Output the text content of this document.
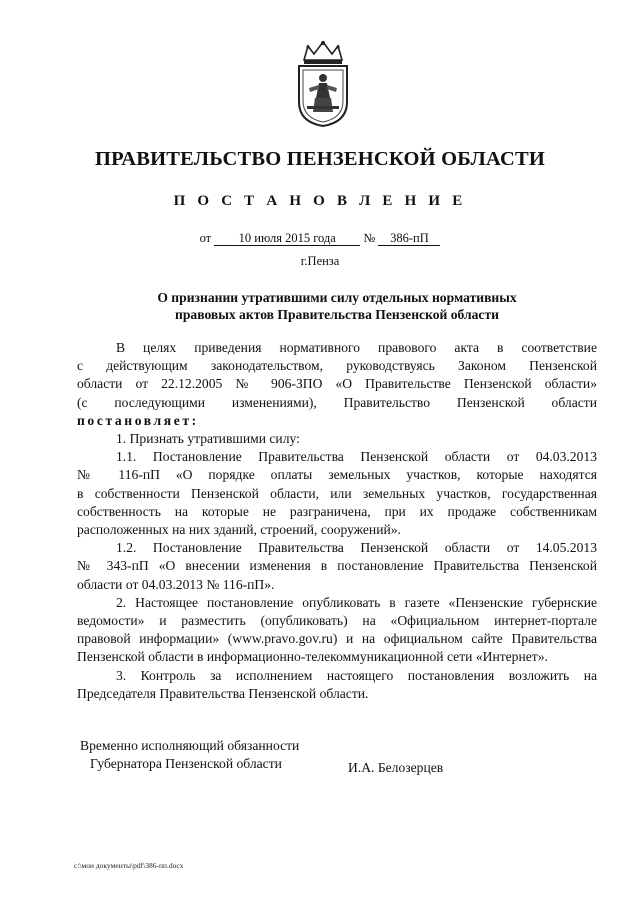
ПРАВИТЕЛЬСТВО ПЕНЗЕНСКОЙ ОБЛАСТИ
П О С Т А Н О В Л Е Н И Е
от 10 июля 2015 года № 386-пП
г.Пенза
О признании утратившими силу отдельных нормативных
правовых актов Правительства Пензенской области

В целях приведения нормативного правового акта в соответствие

с действующим законодательством, руководствуясь Законом Пензенской

области от 22.12.2005 № 906-ЗПО «О Правительстве Пензенской области»

(с последующими изменениями), Правительство Пензенской области

постановляет:

1. Признать утратившими силу:

1.1. Постановление Правительства Пензенской области от 04.03.2013

№ 116-пП «О порядке оплаты земельных участков, которые находятся

в собственности Пензенской области, или земельных участков, государственная

собственность на которые не разграничена, при их продаже собственникам

расположенных на них зданий, строений, сооружений».

1.2. Постановление Правительства Пензенской области от 14.05.2013

№ 343-пП «О внесении изменения в постановление Правительства Пензенской

области от 04.03.2013 № 116-пП».

2. Настоящее постановление опубликовать в газете «Пензенские губернские

ведомости» и разместить (опубликовать) на «Официальном интернет-портале

правовой информации» (www.pravo.gov.ru) и на официальном сайте Правительства

Пензенской области в информационно-телекоммуникационной сети «Интернет».

3. Контроль за исполнением настоящего постановления возложить на

Председателя Правительства Пензенской области.

Временно исполняющий обязанности
Губернатора Пензенской области	И.А. Белозерцев
c:\мои документы\pdf\386-пп.docx
